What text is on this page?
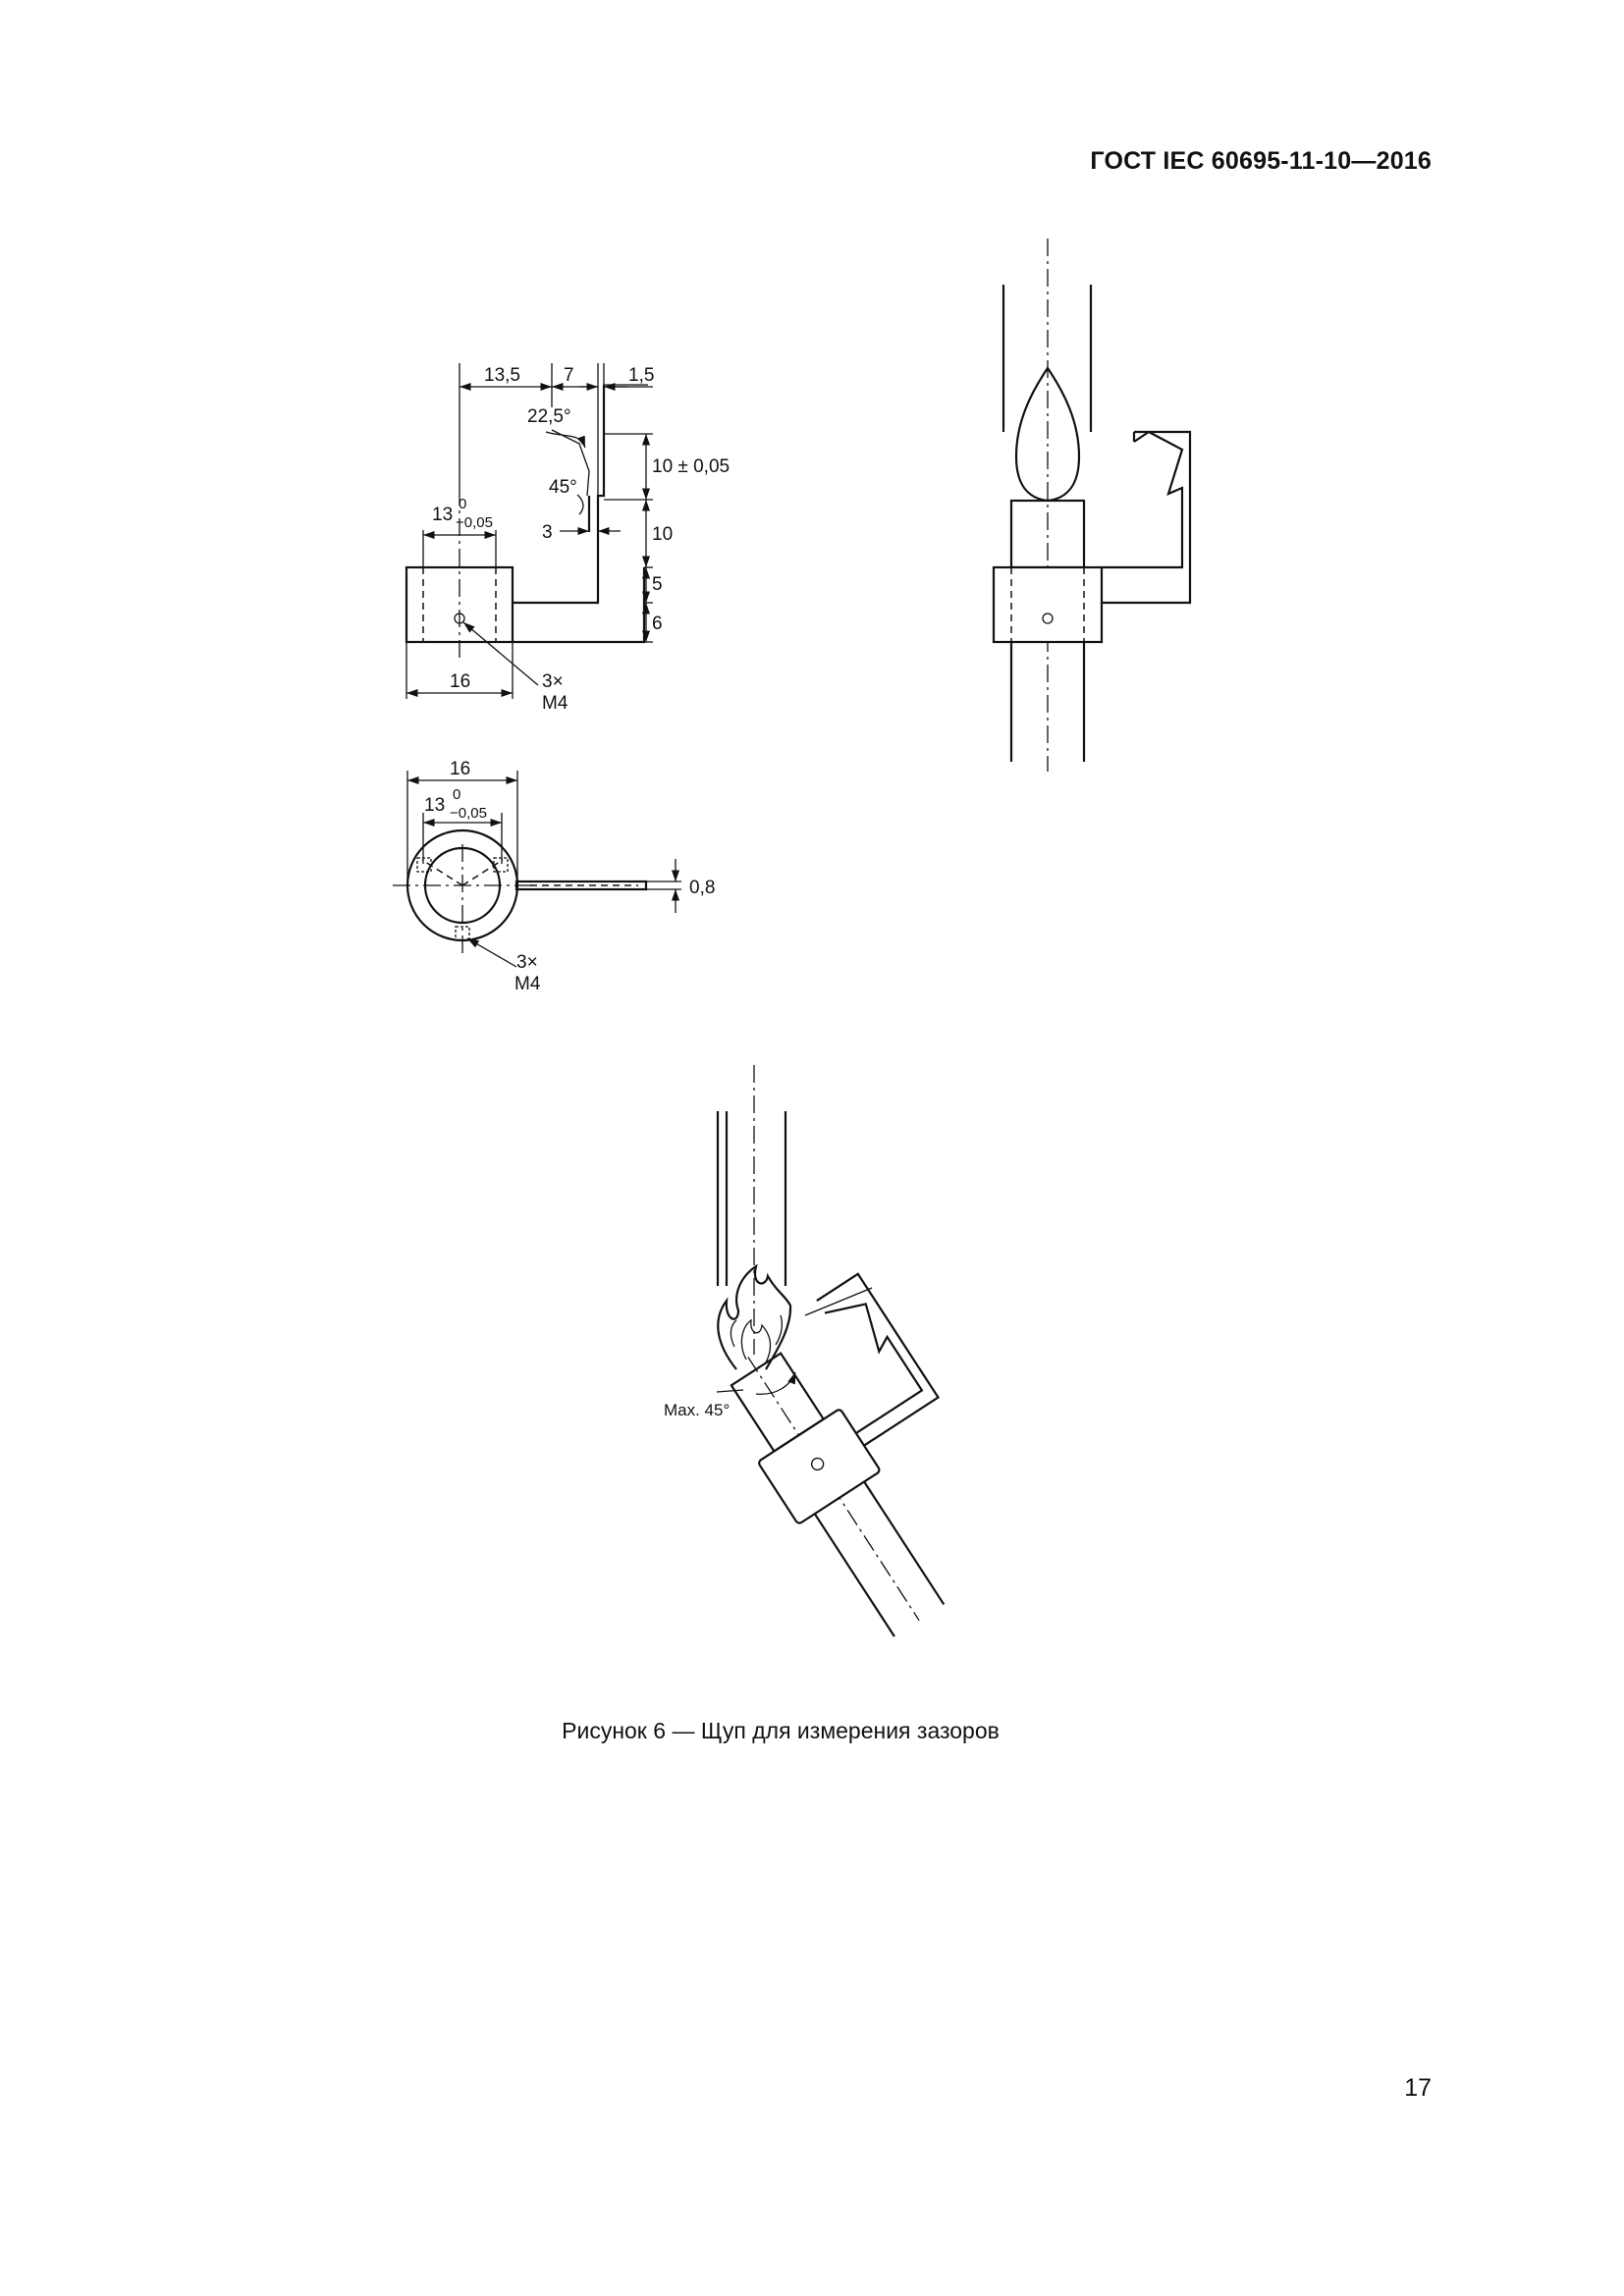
ГОСТ IEC 60695-11-10—2016
13,5 7	1,5
22,5°
45°
10 ± 0,05
10
5
6
3
13
0
−0,05
16	3×
M4
16
13
0
−0,05
0,8
3×
M4
Max. 45°
Рисунок 6 — Щуп для измерения зазоров
17
